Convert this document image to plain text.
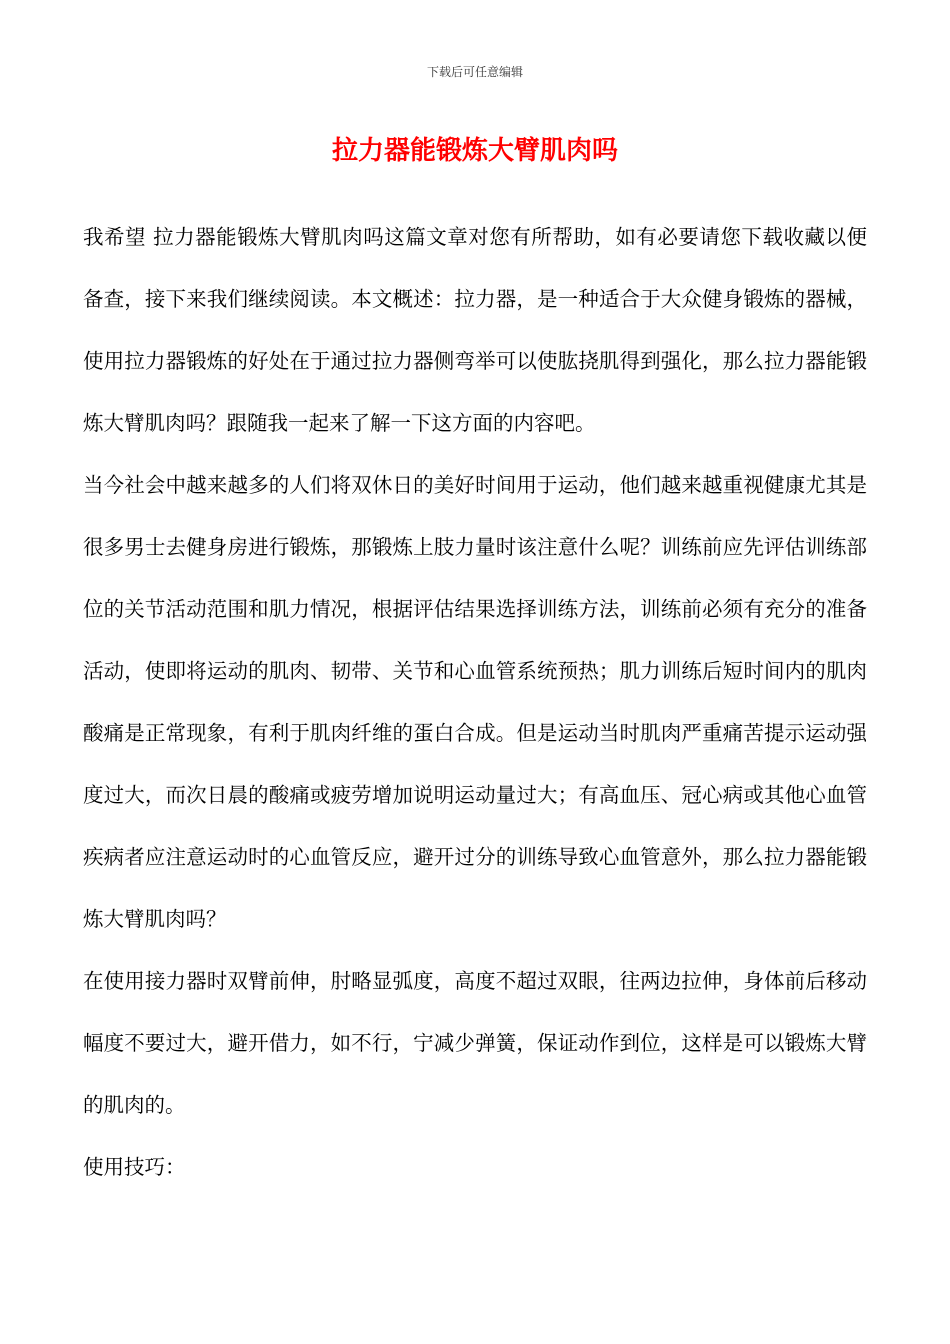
下载后可任意编辑
拉力器能锻炼大臂肌肉吗

我希望 拉力器能锻炼大臂肌肉吗这篇文章对您有所帮助，如有必要请您下载收藏以便备查，接下来我们继续阅读。本文概述：拉力器，是一种适合于大众健身锻炼的器械，使用拉力器锻炼的好处在于通过拉力器侧弯举可以使肱挠肌得到强化，那么拉力器能锻炼大臂肌肉吗？跟随我一起来了解一下这方面的内容吧。

当今社会中越来越多的人们将双休日的美好时间用于运动，他们越来越重视健康尤其是很多男士去健身房进行锻炼，那锻炼上肢力量时该注意什么呢？训练前应先评估训练部位的关节活动范围和肌力情况，根据评估结果选择训练方法，训练前必须有充分的准备活动，使即将运动的肌肉、韧带、关节和心血管系统预热；肌力训练后短时间内的肌肉酸痛是正常现象，有利于肌肉纤维的蛋白合成。但是运动当时肌肉严重痛苦提示运动强度过大，而次日晨的酸痛或疲劳增加说明运动量过大；有高血压、冠心病或其他心血管疾病者应注意运动时的心血管反应，避开过分的训练导致心血管意外，那么拉力器能锻炼大臂肌肉吗？

在使用接力器时双臂前伸，肘略显弧度，高度不超过双眼，往两边拉伸，身体前后移动幅度不要过大，避开借力，如不行，宁减少弹簧，保证动作到位，这样是可以锻炼大臂的肌肉的。

使用技巧：
